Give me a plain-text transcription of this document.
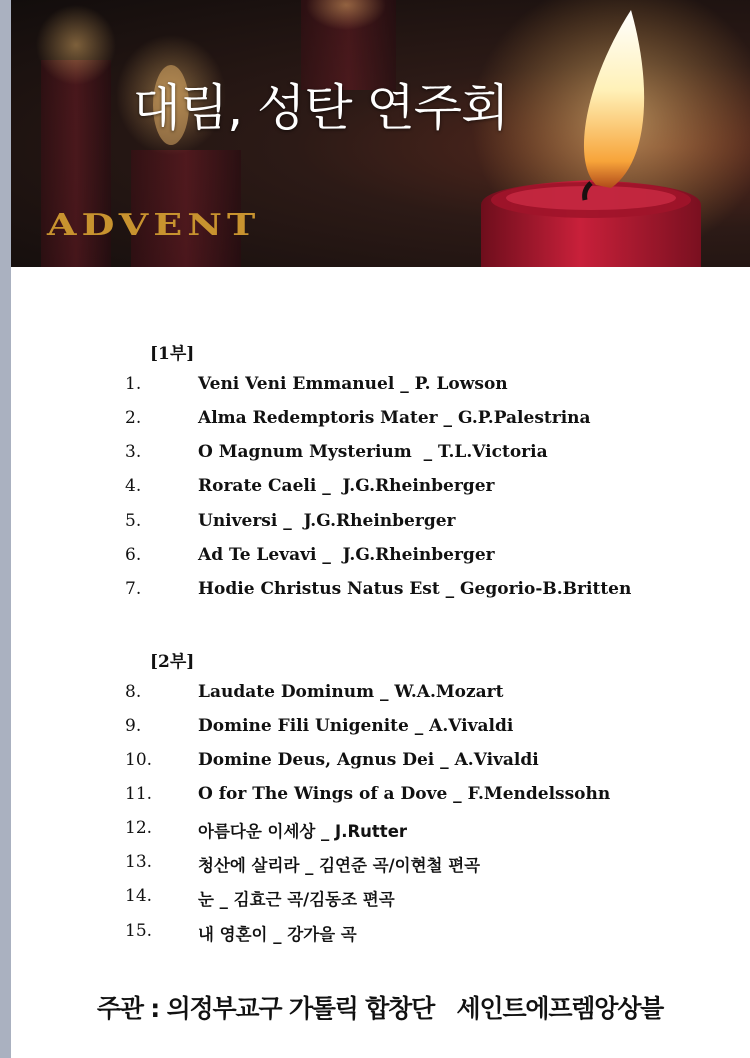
대림, 성탄 연주회
ADVENT
[1부]
1.	Veni Veni Emmanuel _ P. Lowson
2.	Alma Redemptoris Mater _ G.P.Palestrina
3.	O Magnum Mysterium  _ T.L.Victoria
4.	Rorate Caeli _  J.G.Rheinberger
5.	Universi _  J.G.Rheinberger
6.	Ad Te Levavi _  J.G.Rheinberger
7.	Hodie Christus Natus Est _ Gegorio-B.Britten
[2부]
8.	Laudate Dominum _ W.A.Mozart
9.	Domine Fili Unigenite _ A.Vivaldi
10.	Domine Deus, Agnus Dei _ A.Vivaldi
11.	O for The Wings of a Dove _ F.Mendelssohn
12.	아름다운 이세상 _ J.Rutter
13.	청산에 살리라 _ 김연준 곡/이현철 편곡
14.	눈 _ 김효근 곡/김동조 편곡
15.	내 영혼이 _ 강가을 곡
주관 : 의정부교구 가톨릭 합창단   세인트에프렘앙상블
